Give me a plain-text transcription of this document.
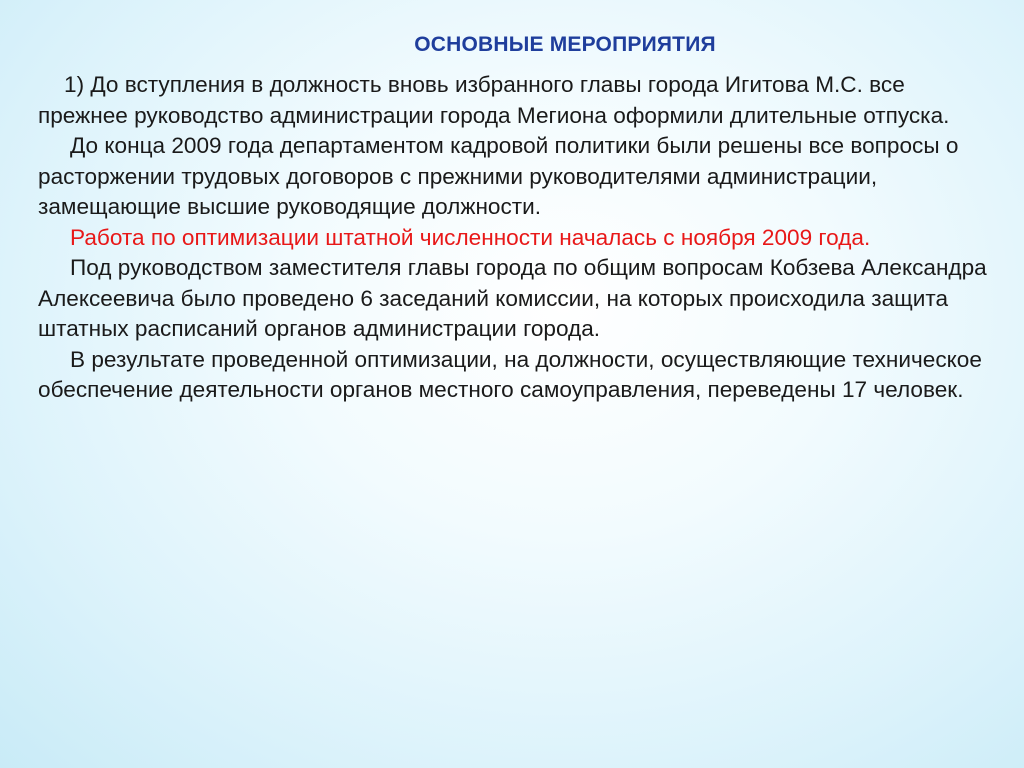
ОСНОВНЫЕ МЕРОПРИЯТИЯ

1) До вступления в должность вновь избранного главы города Игитова М.С. все прежнее руководство администрации города Мегиона оформили длительные отпуска.

До конца 2009 года департаментом кадровой политики были решены все вопросы о расторжении трудовых договоров с прежними руководителями администрации, замещающие высшие руководящие должности.

Работа по оптимизации штатной численности началась с ноября 2009 года.

Под руководством заместителя главы города по общим вопросам Кобзева Александра Алексеевича было проведено 6 заседаний комиссии, на которых происходила защита штатных расписаний органов администрации города.

В результате проведенной оптимизации, на должности, осуществляющие техническое обеспечение деятельности органов местного самоуправления, переведены 17 человек.
